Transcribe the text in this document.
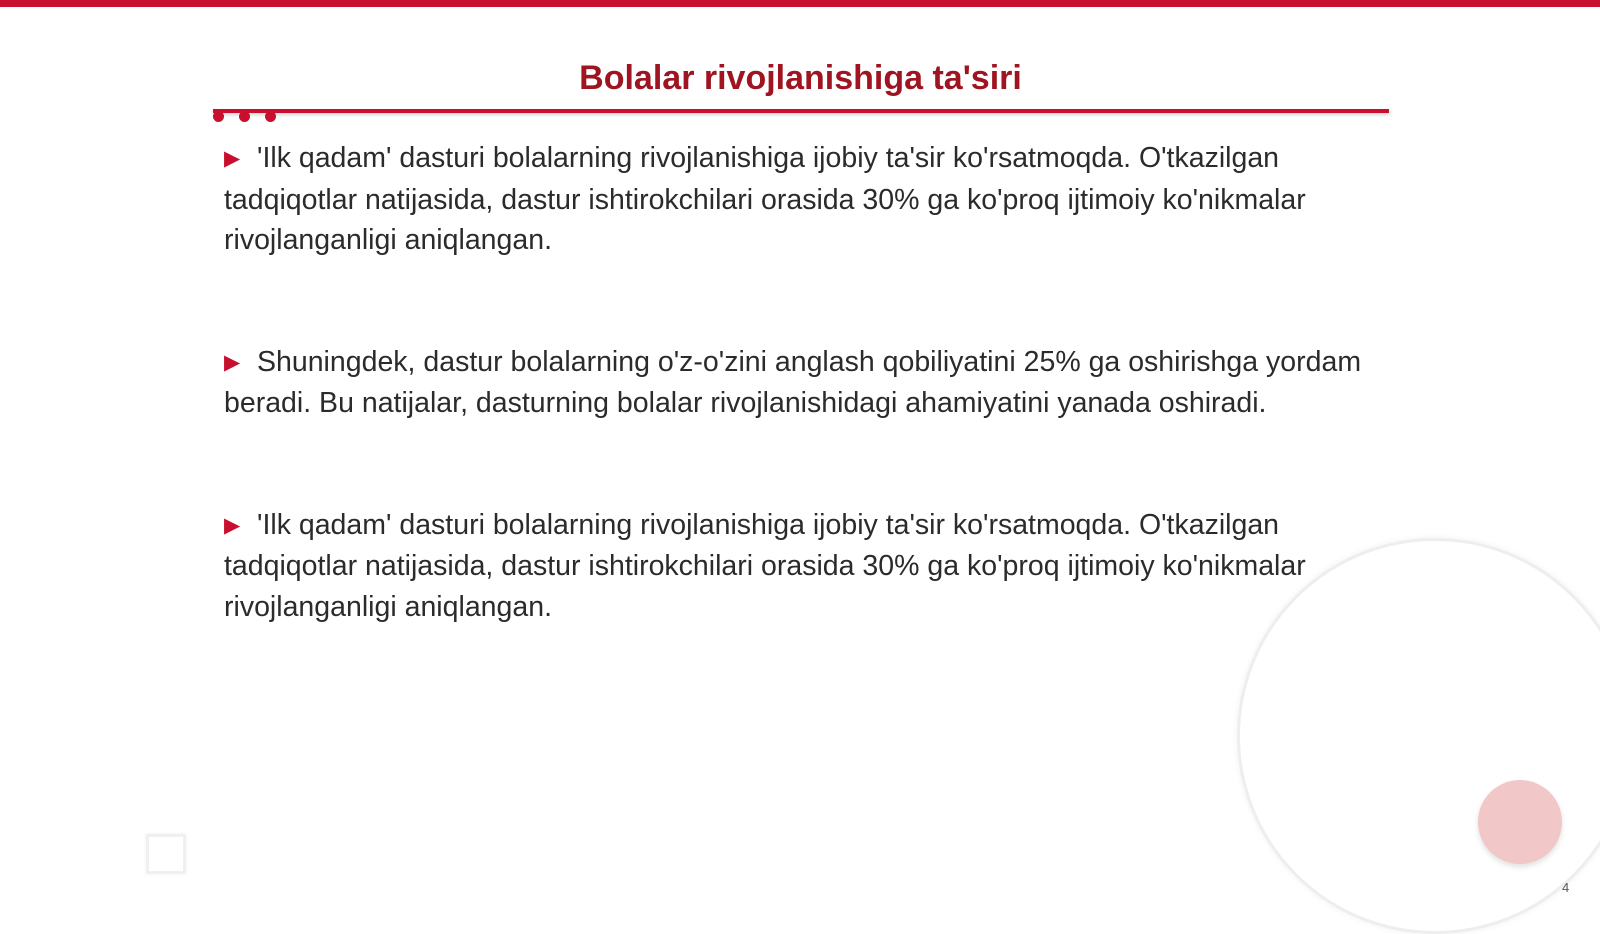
Bolalar rivojlanishiga ta'siri

▶ 'Ilk qadam' dasturi bolalarning rivojlanishiga ijobiy ta'sir ko'rsatmoqda. O'tkazilgan tadqiqotlar natijasida, dastur ishtirokchilari orasida 30% ga ko'proq ijtimoiy ko'nikmalar rivojlanganligi aniqlangan.

▶ Shuningdek, dastur bolalarning o'z-o'zini anglash qobiliyatini 25% ga oshirishga yordam beradi. Bu natijalar, dasturning bolalar rivojlanishidagi ahamiyatini yanada oshiradi.

▶ 'Ilk qadam' dasturi bolalarning rivojlanishiga ijobiy ta'sir ko'rsatmoqda. O'tkazilgan tadqiqotlar natijasida, dastur ishtirokchilari orasida 30% ga ko'proq ijtimoiy ko'nikmalar rivojlanganligi aniqlangan.

4
